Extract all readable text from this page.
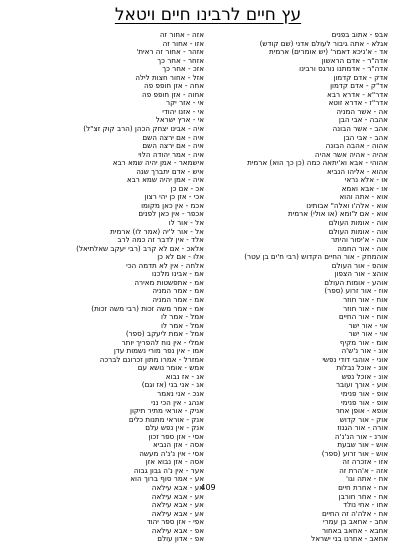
עץ חיים לרבינו חיים ויטאל
אבפ - אתוב בפנים
אגלא - אתה גיבור לעולם אדני (שם קודש)
אד - א'ניכא דאמר' (יש אומרים) ארמית
אדה"ר - אדם הראשון
אדה"ר - אדמתנו נורגס ורבינו
אדק - אדם קדמון
אד"ק - אדם קדמון
אדר"א - אדרא רבא
אדר"ז - אדרא זוטא
אה - אשר המניה
אהבה - אבי הבן
אהב - אשר הבונה
אהב - אבי הבן
אהוה - אהבה הבונה
אהיה - אהיה אשר אהיה
אהוהי - אבא וא'יתאה כמה (כן כך הוא) ארמית
אהוא - אליהו הנביא
או - אלא נראי
או - אבא ואמא
אוא - אתה והוא
אוא - אלה'ו ואלה" אבותינו
אוא - אם ל'ומא (או אולי) ארמית
אוה - אומות העולם
אוה - אומות העולם
אוה - א'יסור והיתר
אוה - אור החמה
אוהמחק - אור החיים הקדוש (רבי ח'ים בן עטר)
אוהפ - אור העולם
אוהצ - אור הצפון
אוהע - אומות העולם
אוז - אור זרוע (ספר)
אוח - אור חוזר
אוח - אור חוזר
אוח - אור החיים
אוי - אור ישר
אוי - אור ישר
אומ - אור מקיף
אונ - אור נ'ש'ה
אוני - אוהבי דודי נפשי
אונ - אוכל נבלות
אונ - אוכל נפש
אוע - אורך ועובר
אופ - אור פנימי
אופ - אור פנימי
אופא - אופן אחר
אוק - אור קדוש
אורה - אור הגנוז
אורנ - אור הנ'נ'ה
אוש - אור שבעת
אוש - אור זרוע (ספר)
אזו - אזכרה זה
אזה - א'הרת זה
אח - אתה וגו'
אח - אחרת חיים
אח - אחר חורבן
אחו - אחי נולד
אח - אלה'ה זה החיים
אחב - אחאב בן עמרי
אחבא - אחאב באחור
אחאב - אחרנו בני ישראל
אזה - אחור זה
אזו - אחור זה
אזהר - אחור זה ראית'
אזחר - אחר כך
אזכ - אחר כך
אזל - אחור חצות לילה
אחה - אזן חופפ פה
אחוה - אזן חופפ פה
אי - אזר יקר
אי - אזנו יהודי
אי - ארץ ישראל
איה - אבינו יצחק הכהן (הרב קוק זצ"ל)
איה - אם ירצה השם
איה - אם ירצה השם
איה - אמר יהודה הלוי
אישמאר - אמן יהיה שמא רבא
איש - אדם יתברך שנה
איה - אמן יהיה שמא רבא
אכ - אם כן
אכי - אזן כן יהי רצון
אכמ - אין כאן מקומו
אכפר - אין כאן לפנים
אל - אור לו
אל - אור ל'יה (אמר לו) ארמית
אלד - אין לדבר זה כמה לרב
אלאכ - אם לא קרב (רבי יעקב שאלתיאל)
אלו - אם לא כן
אלחה - אין לא תדמה הכי
אמ - אבינו מלכנו
אמ - אתפשטות מאירה
אמ - אמר המניה
אמ - אמר המניה
אמ - אמר משה זכות (רבי משה זכות)
אמל - אמר לו
אמל - אמר לו
אמל - אמת ליעקב (ספר)
אמלי - אין נוח להפריך יותר
אמו - אין נפר מורי נשמות עדן
אמזרל - אמרו מתון זכרונם לברכה
אמש - אומר נושא עם
אנ - אז נבוא
אנ - אני בני (אז וגם)
אנכ - אני נאמר
אנהג - אין הכי נני
אניק - אוראי מתיר תיקון
אנק - אוראי מתנות כלים
אנק - אין נפש עלם
אסי - אזן ספר זכון
אסה - אזן הנביא
אסי - אין נ'נ'ה מעשה
אסה - אזן נבוא אזן
אער - אין נ'ה גבון גבוה
אע - אמר סוף ברוך הוא
אע - אבא עילאה
אע - אבא עילאה
אע - אבא עילאה
אע - אבא עילאה
אפי - אזן ספר יהוד
אפ - אבא עילאה
אפ - אדון עולם
409
